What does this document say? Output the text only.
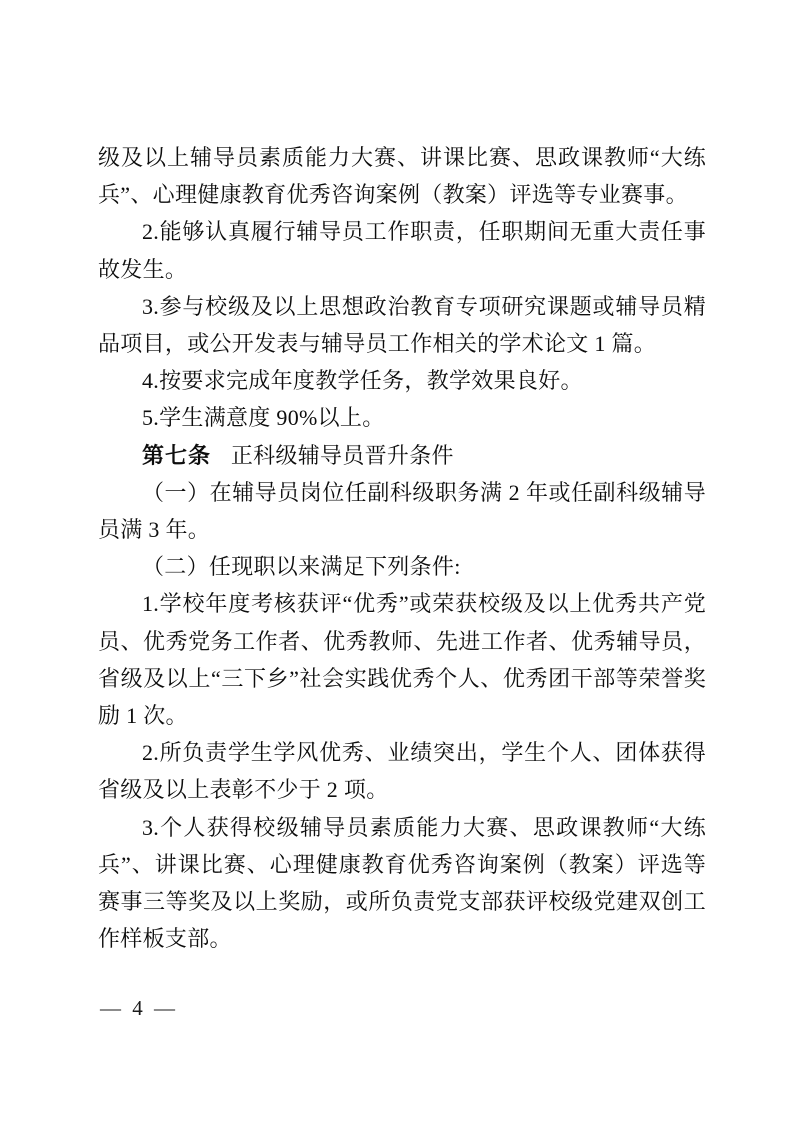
级及以上辅导员素质能力大赛、讲课比赛、思政课教师“大练兵”、心理健康教育优秀咨询案例（教案）评选等专业赛事。

2.能够认真履行辅导员工作职责，任职期间无重大责任事故发生。

3.参与校级及以上思想政治教育专项研究课题或辅导员精品项目，或公开发表与辅导员工作相关的学术论文 1 篇。

4.按要求完成年度教学任务，教学效果良好。

5.学生满意度 90%以上。

第七条 正科级辅导员晋升条件

（一）在辅导员岗位任副科级职务满 2 年或任副科级辅导员满 3 年。

（二）任现职以来满足下列条件:

1.学校年度考核获评“优秀”或荣获校级及以上优秀共产党员、优秀党务工作者、优秀教师、先进工作者、优秀辅导员，省级及以上“三下乡”社会实践优秀个人、优秀团干部等荣誉奖励 1 次。

2.所负责学生学风优秀、业绩突出，学生个人、团体获得省级及以上表彰不少于 2 项。

3.个人获得校级辅导员素质能力大赛、思政课教师“大练兵”、讲课比赛、心理健康教育优秀咨询案例（教案）评选等赛事三等奖及以上奖励，或所负责党支部获评校级党建双创工作样板支部。

— 4 —
